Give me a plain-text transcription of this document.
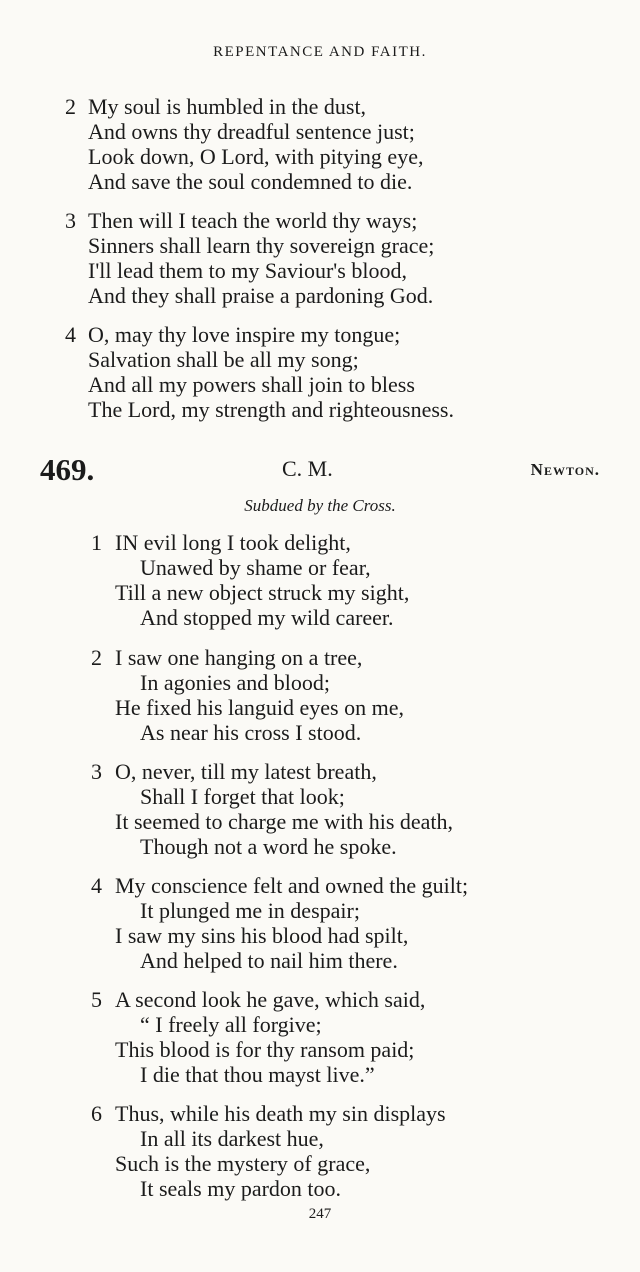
REPENTANCE AND FAITH.
2 My soul is humbled in the dust,
And owns thy dreadful sentence just;
Look down, O Lord, with pitying eye,
And save the soul condemned to die.
3 Then will I teach the world thy ways;
Sinners shall learn thy sovereign grace;
I'll lead them to my Saviour's blood,
And they shall praise a pardoning God.
4 O, may thy love inspire my tongue;
Salvation shall be all my song;
And all my powers shall join to bless
The Lord, my strength and righteousness.
469.	C. M.	Newton.
Subdued by the Cross.
1 IN evil long I took delight,
Unawed by shame or fear,
Till a new object struck my sight,
And stopped my wild career.
2 I saw one hanging on a tree,
In agonies and blood;
He fixed his languid eyes on me,
As near his cross I stood.
3 O, never, till my latest breath,
Shall I forget that look;
It seemed to charge me with his death,
Though not a word he spoke.
4 My conscience felt and owned the guilt;
It plunged me in despair;
I saw my sins his blood had spilt,
And helped to nail him there.
5 A second look he gave, which said,
“ I freely all forgive;
This blood is for thy ransom paid;
I die that thou mayst live.”
6 Thus, while his death my sin displays
In all its darkest hue,
Such is the mystery of grace,
It seals my pardon too.
247
